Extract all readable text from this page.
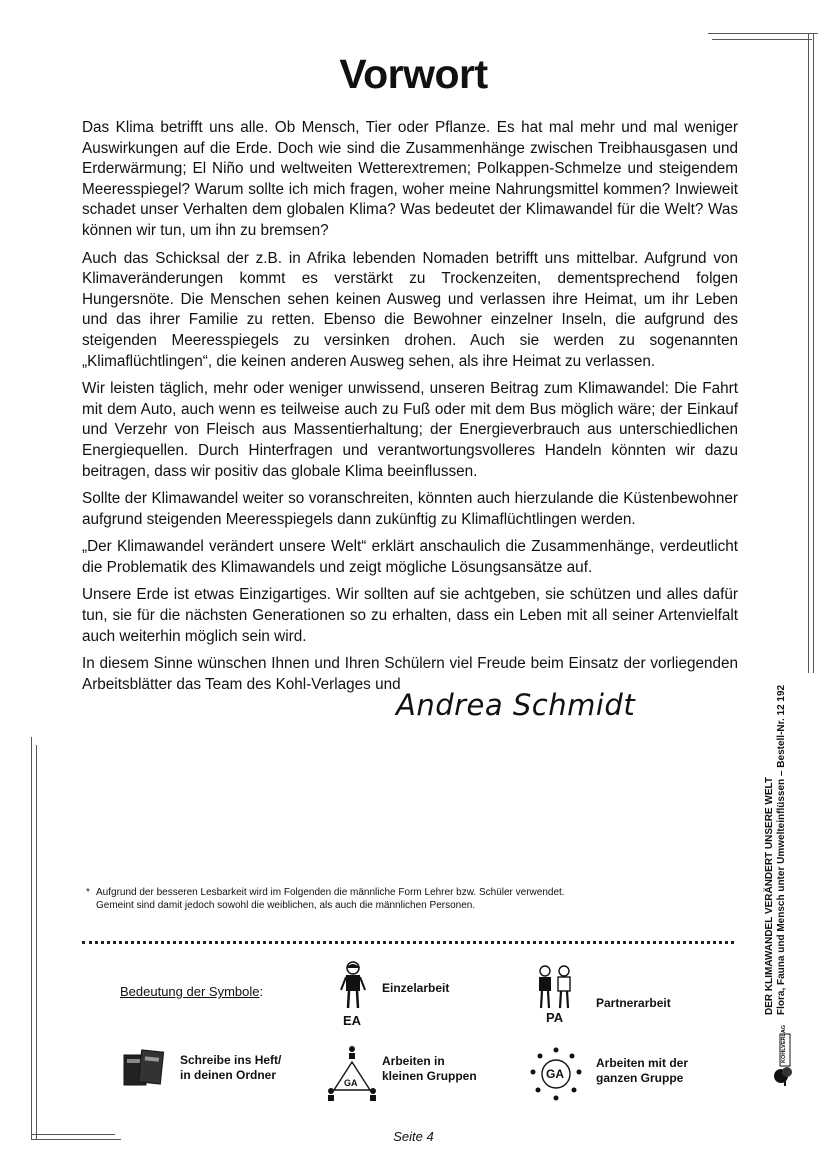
Vorwort

Das Klima betrifft uns alle. Ob Mensch, Tier oder Pflanze. Es hat mal mehr und mal weniger Auswirkungen auf die Erde. Doch wie sind die Zusammenhänge zwischen Treibhausgasen und Erderwärmung; El Niño und weltweiten Wetterextremen; Polkappen-Schmelze und steigendem Meeresspiegel? Warum sollte ich mich fragen, woher meine Nahrungsmittel kommen? Inwieweit schadet unser Verhalten dem globalen Klima? Was bedeutet der Klimawandel für die Welt? Was können wir tun, um ihn zu bremsen?

Auch das Schicksal der z.B. in Afrika lebenden Nomaden betrifft uns mittelbar. Aufgrund von Klimaveränderungen kommt es verstärkt zu Trockenzeiten, dementsprechend folgen Hungersnöte. Die Menschen sehen keinen Ausweg und verlassen ihre Heimat, um ihr Leben und das ihrer Familie zu retten. Ebenso die Bewohner einzelner Inseln, die aufgrund des steigenden Meeresspiegels zu versinken drohen. Auch sie werden zu sogenannten „Klimaflüchtlingen“, die keinen anderen Ausweg sehen, als ihre Heimat zu verlassen.

Wir leisten täglich, mehr oder weniger unwissend, unseren Beitrag zum Klimawandel: Die Fahrt mit dem Auto, auch wenn es teilweise auch zu Fuß oder mit dem Bus möglich wäre; der Einkauf und Verzehr von Fleisch aus Massentierhaltung; der Energieverbrauch aus unterschiedlichen Energiequellen. Durch Hinterfragen und verantwortungsvolleres Handeln könnten wir dazu beitragen, dass wir positiv das globale Klima beeinflussen.

Sollte der Klimawandel weiter so voranschreiten, könnten auch hierzulande die Küstenbewohner aufgrund steigenden Meeresspiegels dann zukünftig zu Klimaflüchtlingen werden.

„Der Klimawandel verändert unsere Welt“ erklärt anschaulich die Zusammenhänge, verdeutlicht die Problematik des Klimawandels und zeigt mögliche Lösungsansätze auf.

Unsere Erde ist etwas Einzigartiges. Wir sollten auf sie achtgeben, sie schützen und alles dafür tun, sie für die nächsten Generationen so zu erhalten, dass ein Leben mit all seiner Artenvielfalt auch weiterhin möglich sein wird.

In diesem Sinne wünschen Ihnen und Ihren Schülern viel Freude beim Einsatz der vorliegenden Arbeitsblätter das Team des Kohl-Verlages und

Andrea Schmidt
* Aufgrund der besseren Lesbarkeit wird im Folgenden die männliche Form Lehrer bzw. Schüler verwendet.
Gemeint sind damit jedoch sowohl die weiblichen, als auch die männlichen Personen.
Bedeutung der Symbole:
EA
Einzelarbeit
PA
Partnerarbeit
Schreibe ins Heft/
in deinen Ordner
GA
Arbeiten in
kleinen Gruppen	GA
Arbeiten mit der
ganzen Gruppe
DER KLIMAWANDEL VERÄNDERT UNSERE WELT Flora, Fauna und Mensch unter Umwelteinflüssen – Bestell-Nr. 12 192
KOHLVERLAG
Seite 4
